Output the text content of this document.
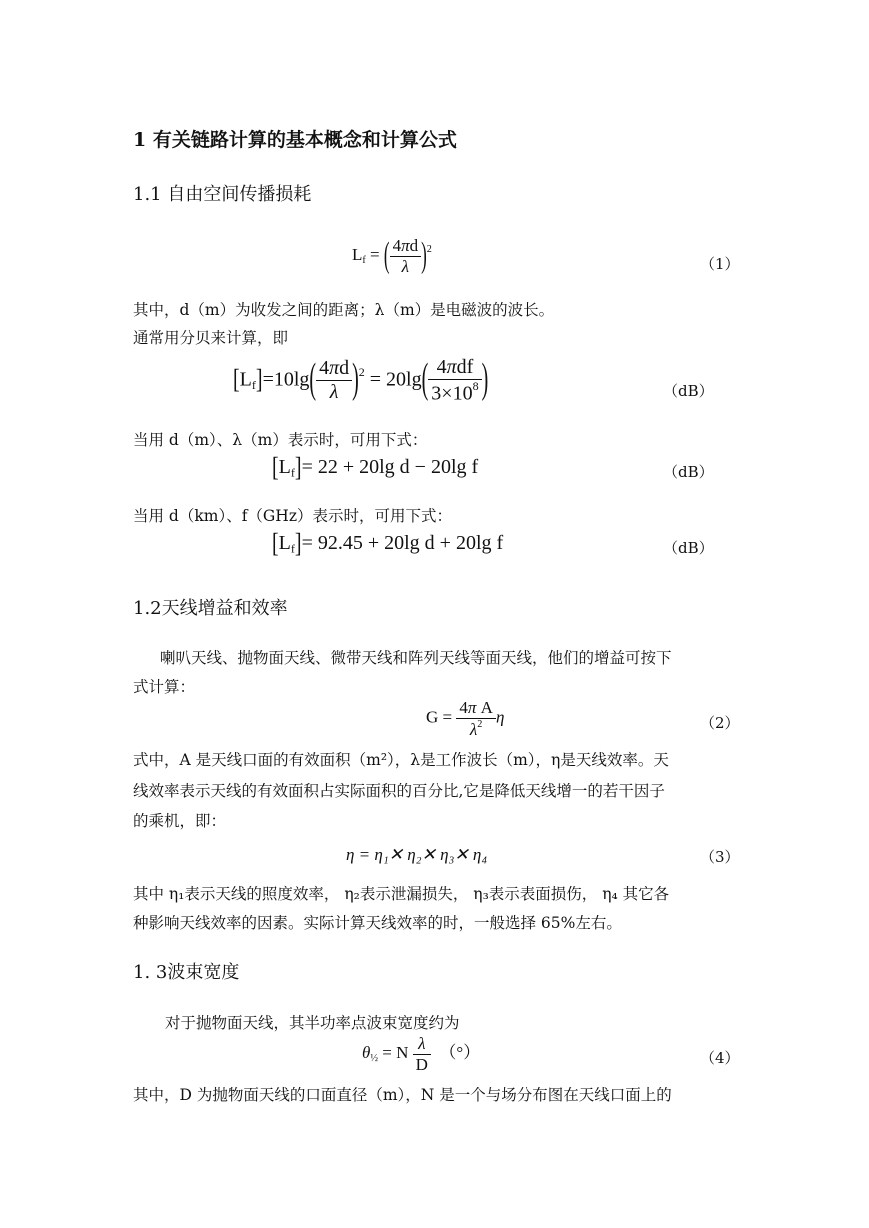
1 有关链路计算的基本概念和计算公式
1.1 自由空间传播损耗
$L_f$ = ( $\frac{4\pi d}{\lambda} )^2$
（1）
其中，d（m）为收发之间的距离；λ（m）是电磁波的波长。
通常用分贝来计算，即
$[L_f]=10\lg( \frac{4\pi d}{\lambda} )^2 = 20\lg( \frac{\text{4πdf}}{3\times 10^8}$ )	（dB）
当用 d（m）、λ（m）表示时，可用下式：
$[L_f]= 22 + 20\lg$ d − 20lg f	（dB）
当用 d（km）、f（GHz）表示时，可用下式：
$[L_f]= 92.45 + 20\lg$ d + 20lg f	（dB）
1.2天线增益和效率
喇叭天线、抛物面天线、微带天线和阵列天线等面天线，他们的增益可按下
式计算：
$G = \frac{\text{4π A}}{\lambda^2}$ η	（2）
式中，A 是天线口面的有效面积（m²），λ是工作波长（m），η是天线效率。天
线效率表示天线的有效面积占实际面积的百分比,它是降低天线增一的若干因子
的乘机，即：
η = η₁✕ η₂✕ η₃✕ η₄	（3）
其中 η₁表示天线的照度效率， η₂表示泄漏损失， η₃表示表面损伤， η₄ 其它各
种影响天线效率的因素。实际计算天线效率的时，一般选择 65%左右。
1. 3波束宽度
对于抛物面天线，其半功率点波束宽度约为
$\theta_{\frac{1}{2}} = N \frac{\lambda}{D}$ （°）	（4）
其中，D 为抛物面天线的口面直径（m），N 是一个与场分布图在天线口面上的
